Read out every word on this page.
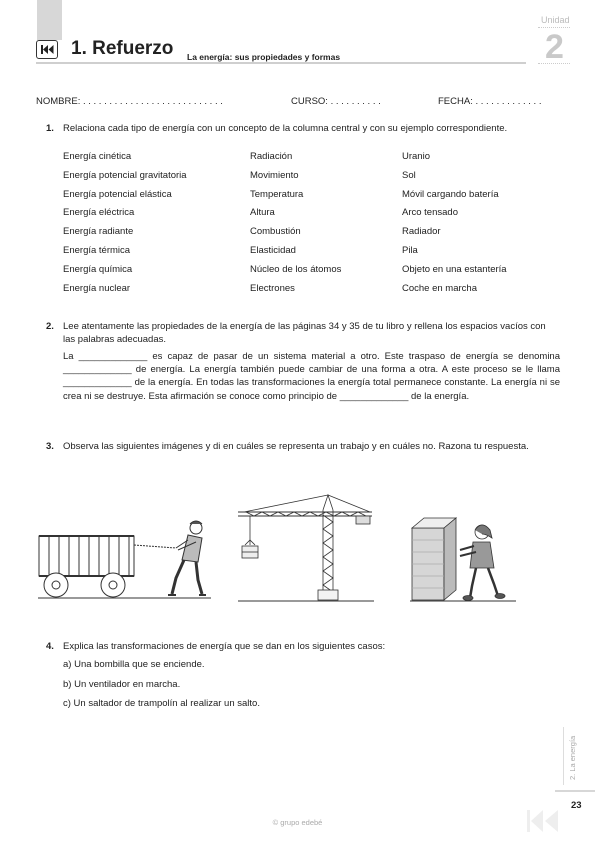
1. Refuerzo La energía: sus propiedades y formas
Unidad
2
NOMBRE: . . . . . . . . . . . . . . . . . . . . . . . . . . .	CURSO: . . . . . . . . . .	FECHA: . . . . . . . . . . . . .
1. Relaciona cada tipo de energía con un concepto de la columna central y con su ejemplo correspondiente.
Energía cinética	Radiación	Uranio
Energía potencial gravitatoria	Movimiento	Sol
Energía potencial elástica	Temperatura	Móvil cargando batería
Energía eléctrica	Altura	Arco tensado
Energía radiante	Combustión	Radiador
Energía térmica	Elasticidad	Pila
Energía química	Núcleo de los átomos	Objeto en una estantería
Energía nuclear	Electrones	Coche en marcha
2. Lee atentamente las propiedades de la energía de las páginas 34 y 35 de tu libro y rellena los espacios vacíos con las palabras adecuadas.
La _____________ es capaz de pasar de un sistema material a otro. Este traspaso de energía se denomina _____________ de energía. La energía también puede cambiar de una forma a otra. A este proceso se le llama _____________ de la energía. En todas las transformaciones la energía total permanece constante. La energía ni se crea ni se destruye. Esta afirmación se conoce como principio de _____________ de la energía.
3. Observa las siguientes imágenes y di en cuáles se representa un trabajo y en cuáles no. Razona tu respuesta.
4. Explica las transformaciones de energía que se dan en los siguientes casos:
a) Una bombilla que se enciende.
b) Un ventilador en marcha.
c) Un saltador de trampolín al realizar un salto.
2. La energía
23
© grupo edebé
